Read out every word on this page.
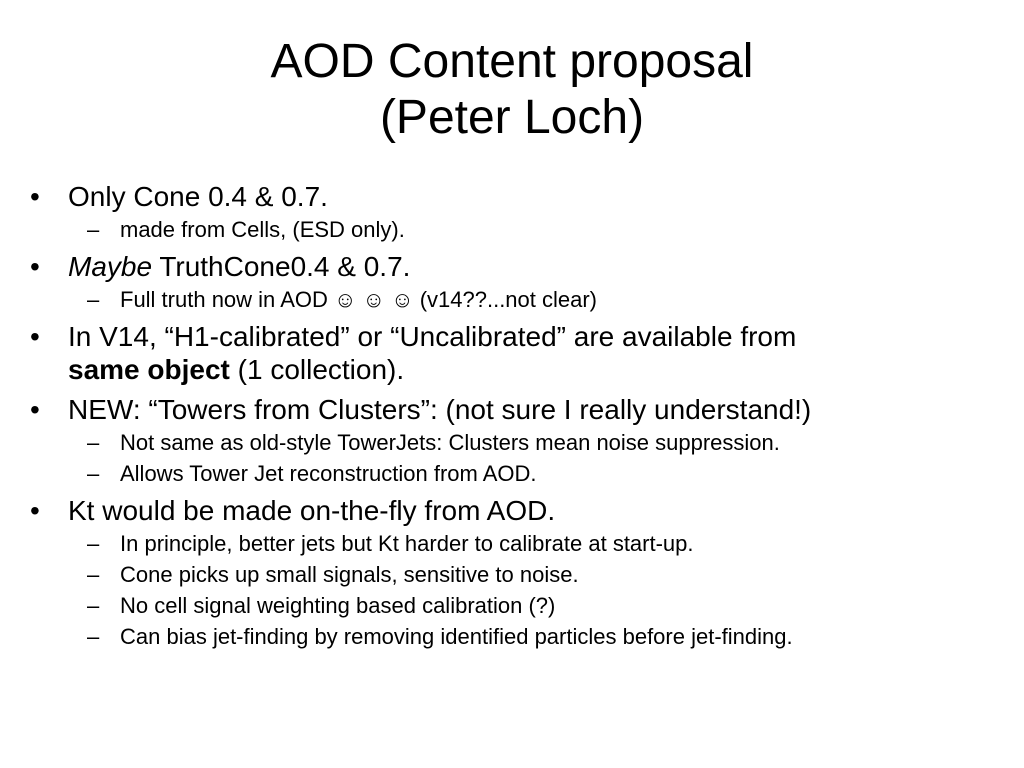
AOD Content proposal
(Peter Loch)
• Only Cone 0.4 & 0.7.
– made from Cells, (ESD only).
• Maybe TruthCone0.4 & 0.7.
– Full truth now in AOD ☺ ☺ ☺ (v14??...not clear)
• In V14, “H1-calibrated” or “Uncalibrated” are available from
same object (1 collection).
• NEW: “Towers from Clusters”: (not sure I really understand!)
– Not same as old-style TowerJets: Clusters mean noise suppression.
– Allows Tower Jet reconstruction from AOD.
• Kt would be made on-the-fly from AOD.
– In principle, better jets but Kt harder to calibrate at start-up.
– Cone picks up small signals, sensitive to noise.
– No cell signal weighting based calibration (?)
– Can bias jet-finding by removing identified particles before jet-finding.
